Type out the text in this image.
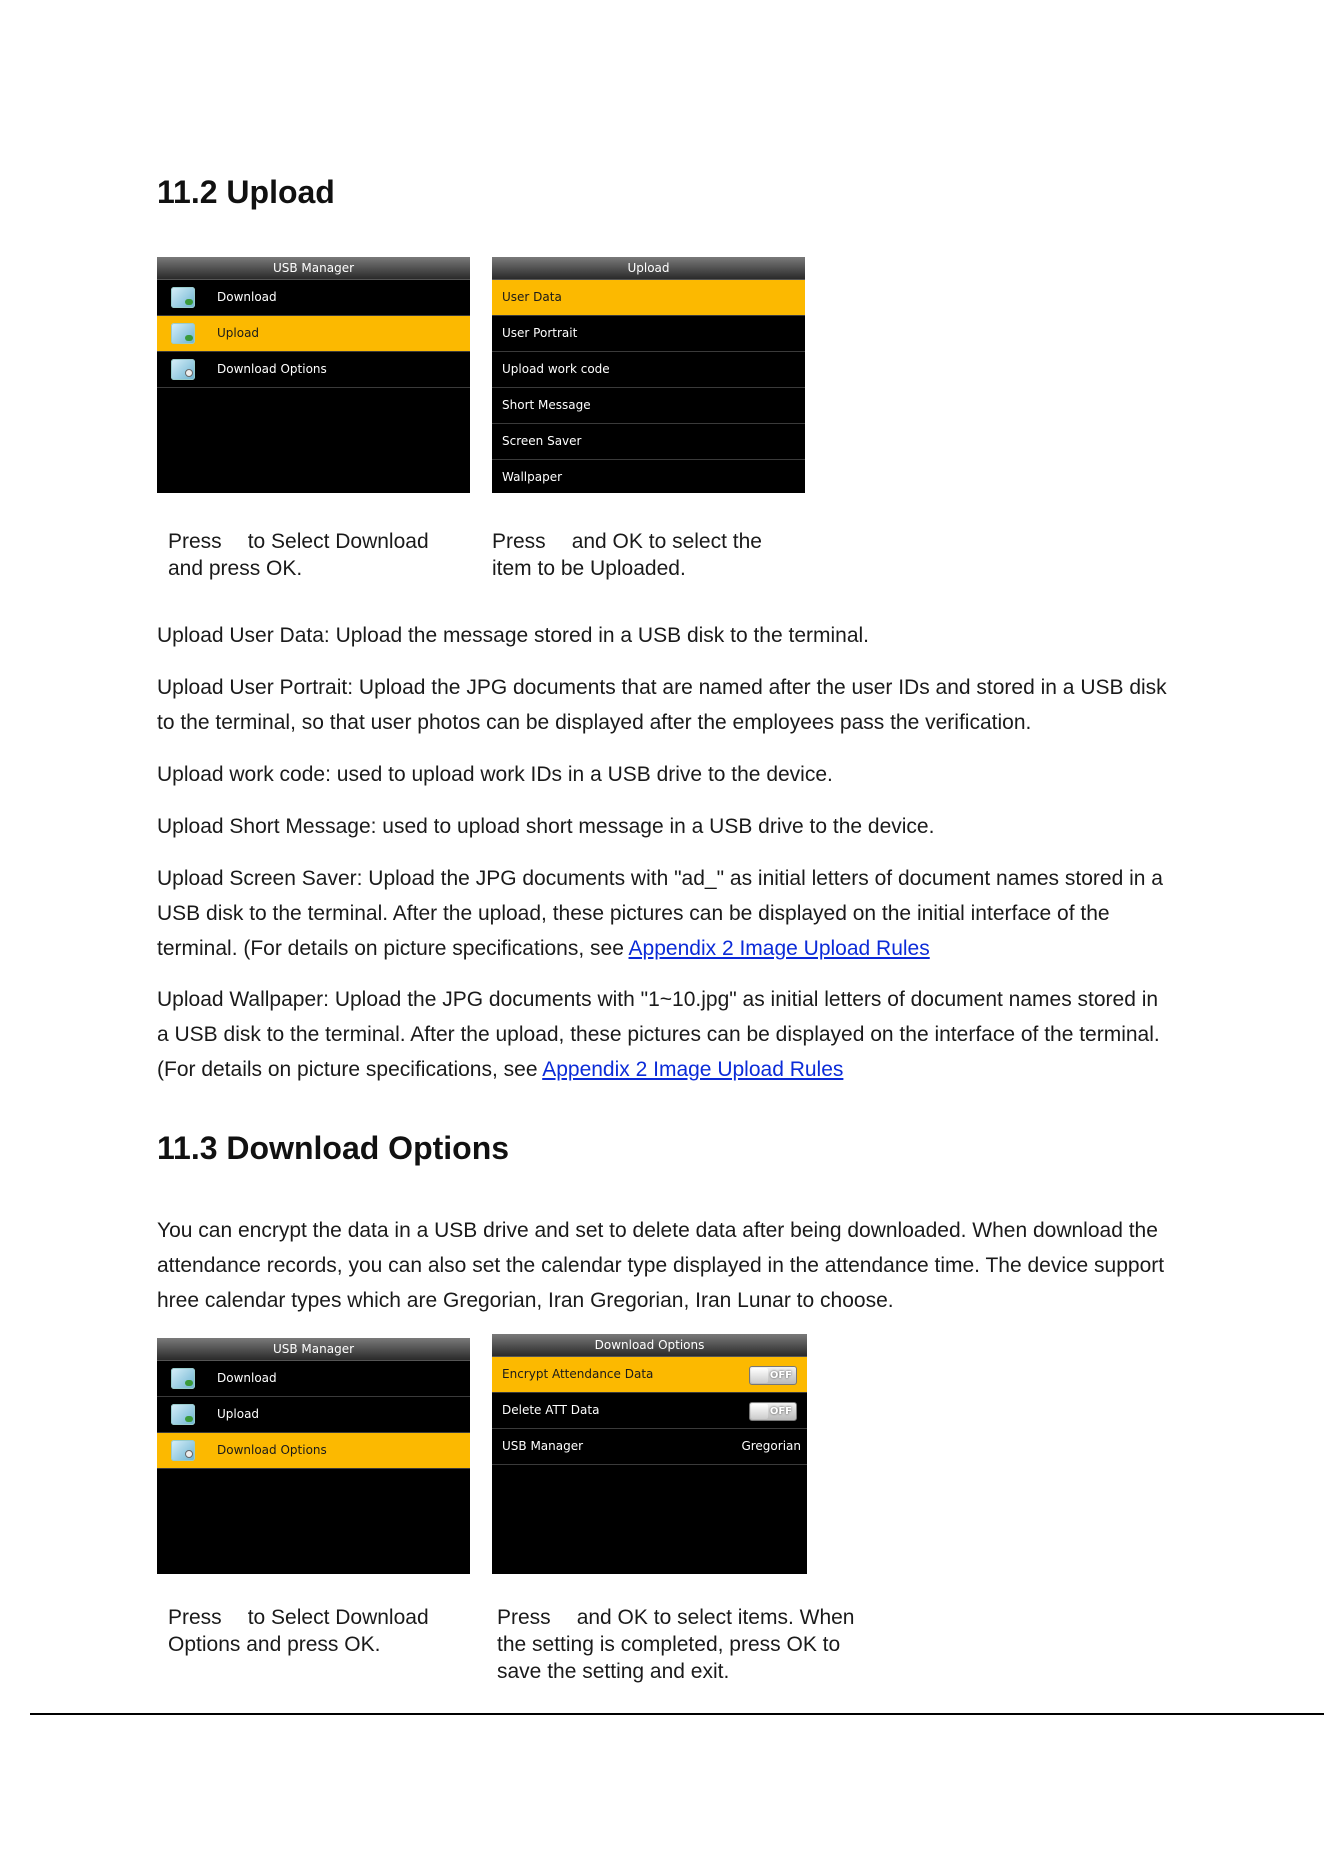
11.2 Upload
USB Manager
Download
Upload
Download Options
Upload
User Data
User Portrait
Upload work code
Short Message
Screen Saver
Wallpaper
Press to Select Download
and press OK.
Press and OK to select the
item to be Uploaded.

Upload User Data: Upload the message stored in a USB disk to the terminal.

Upload User Portrait: Upload the JPG documents that are named after the user IDs and stored in a USB disk to the terminal, so that user photos can be displayed after the employees pass the verification.

Upload work code: used to upload work IDs in a USB drive to the device.

Upload Short Message: used to upload short message in a USB drive to the device.

Upload Screen Saver: Upload the JPG documents with "ad_" as initial letters of document names stored in a USB disk to the terminal. After the upload, these pictures can be displayed on the initial interface of the terminal. (For details on picture specifications, see Appendix 2 Image Upload Rules

Upload Wallpaper: Upload the JPG documents with "1~10.jpg" as initial letters of document names stored in a USB disk to the terminal. After the upload, these pictures can be displayed on the interface of the terminal. (For details on picture specifications, see Appendix 2 Image Upload Rules

11.3 Download Options

You can encrypt the data in a USB drive and set to delete data after being downloaded. When download the attendance records, you can also set the calendar type displayed in the attendance time. The device support hree calendar types which are Gregorian, Iran Gregorian, Iran Lunar to choose.

USB Manager
Download
Upload
Download Options
Download Options
Encrypt Attendance Data	OFF
Delete ATT Data	OFF
USB Manager	Gregorian
Press to Select Download
Options and press OK.
Press and OK to select items. When
the setting is completed, press OK to
save the setting and exit.
